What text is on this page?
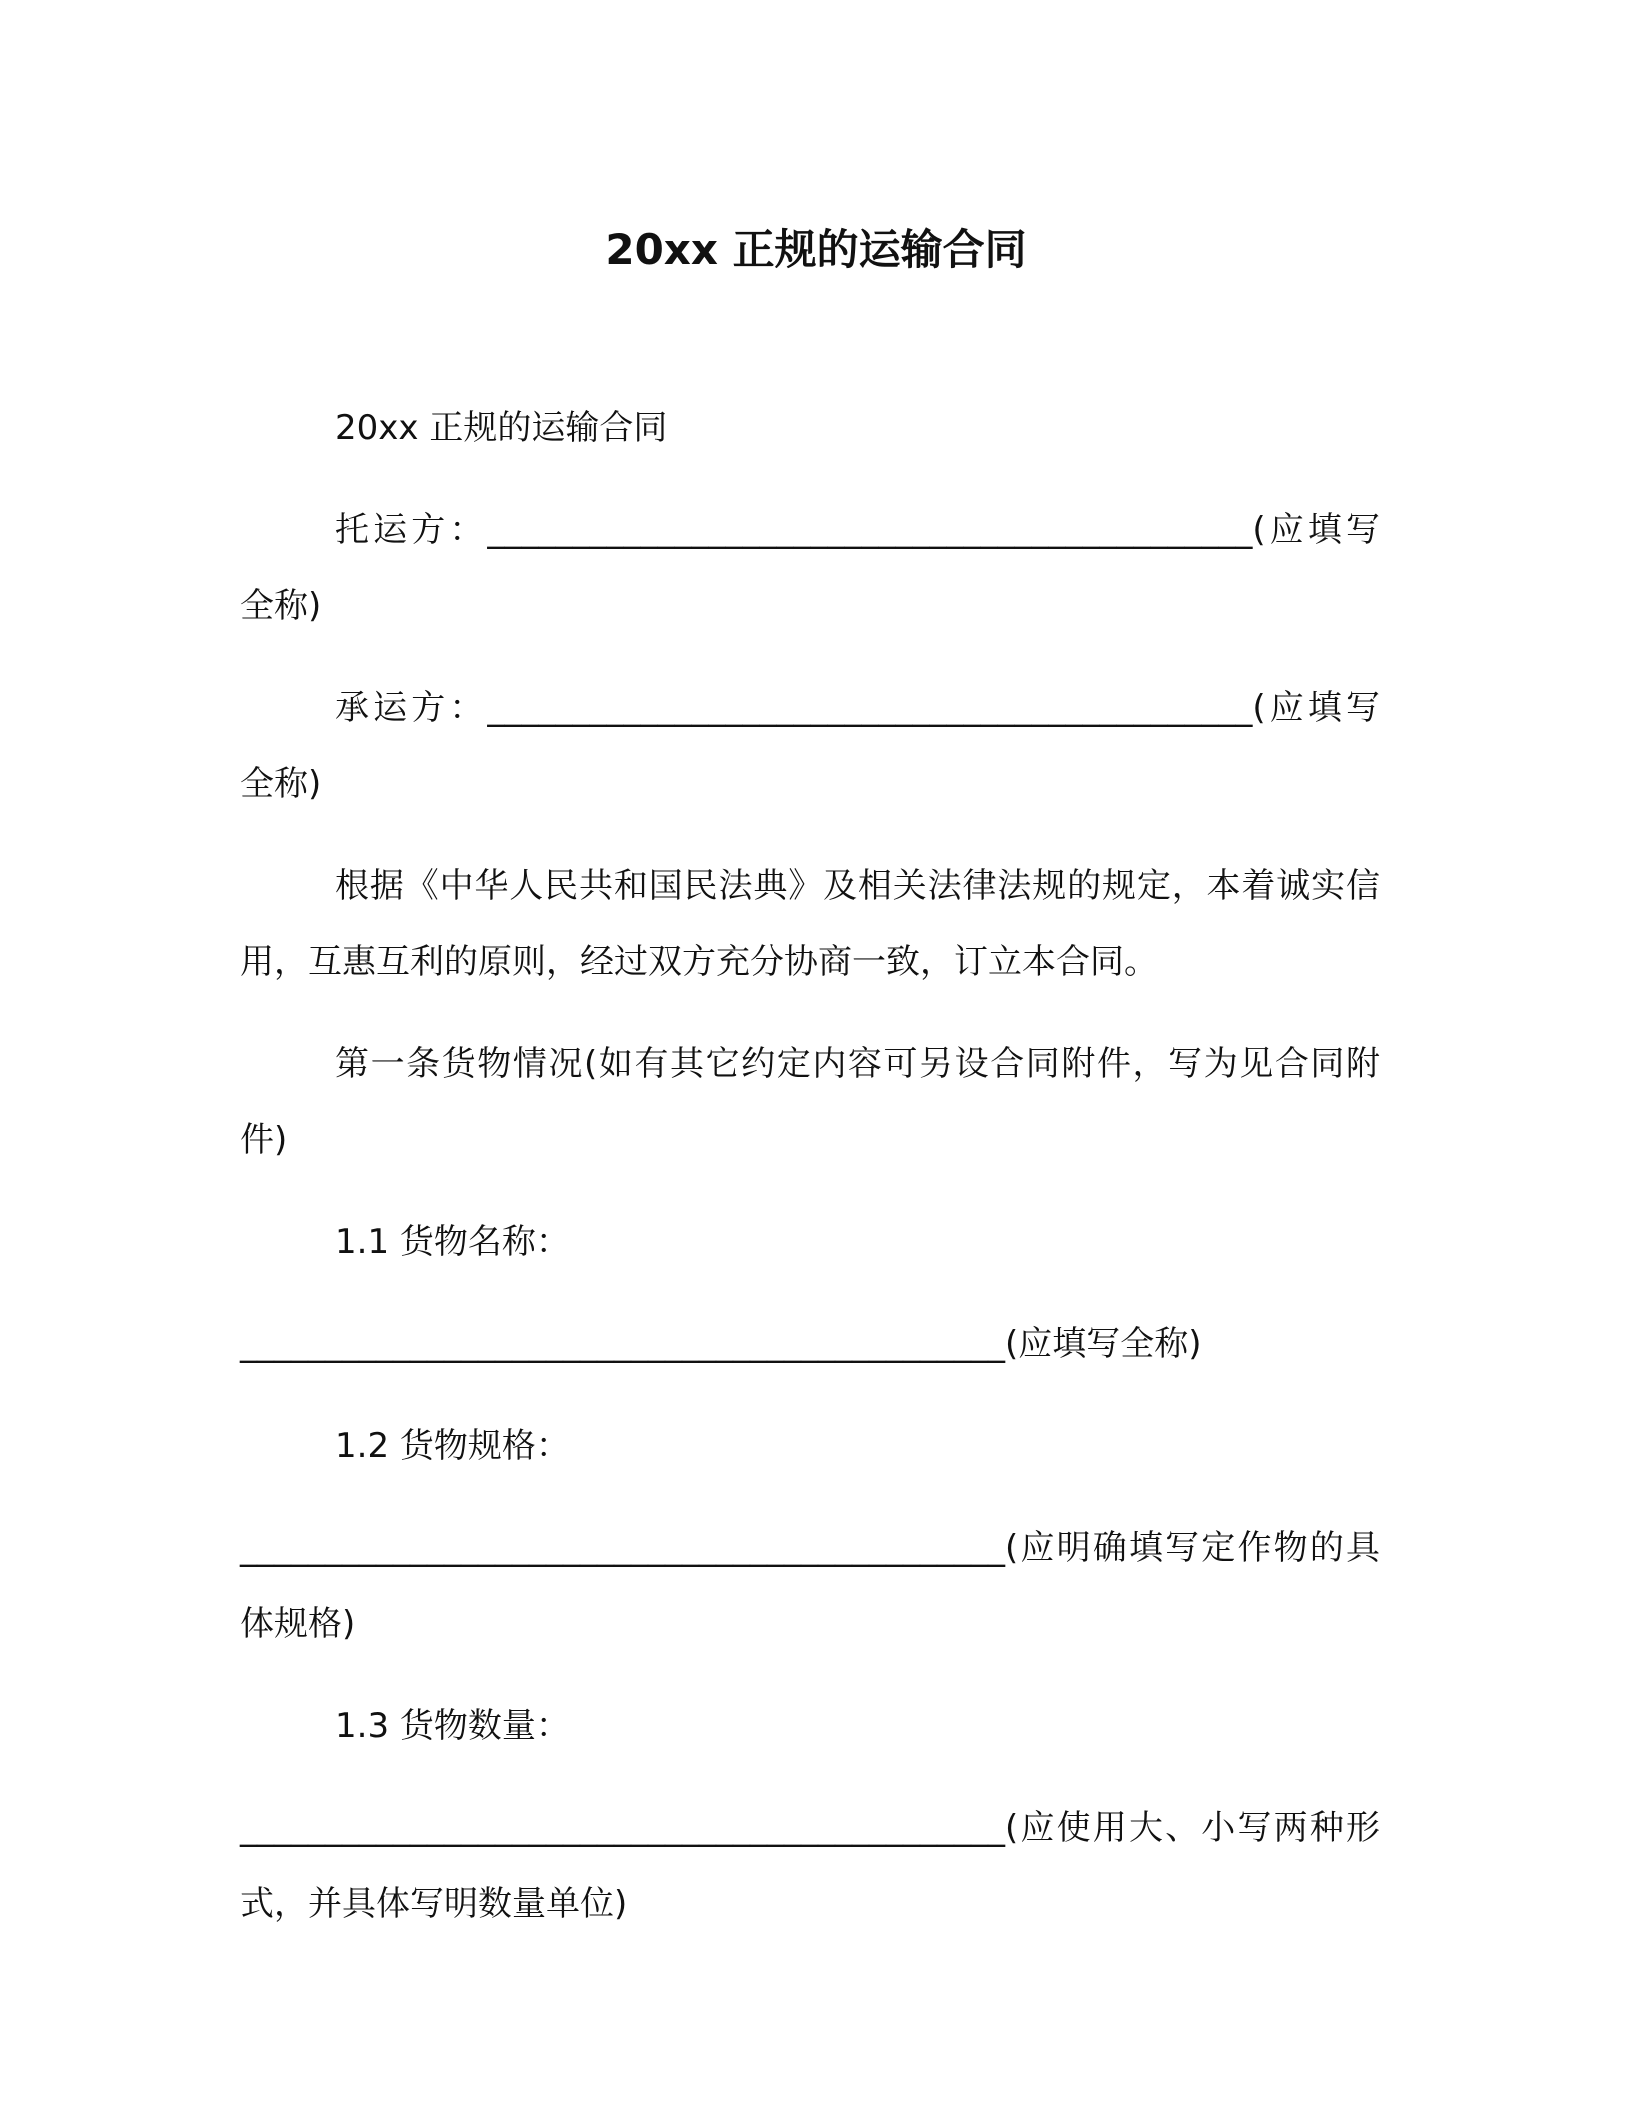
20xx 正规的运输合同

20xx 正规的运输合同

托运方：_____________________________________________(应填写全称)

承运方：_____________________________________________(应填写全称)

根据《中华人民共和国民法典》及相关法律法规的规定，本着诚实信用，互惠互利的原则，经过双方充分协商一致，订立本合同。

第一条货物情况(如有其它约定内容可另设合同附件，写为见合同附件)

1.1 货物名称：

_____________________________________________(应填写全称)

1.2 货物规格：

_____________________________________________(应明确填写定作物的具体规格)

1.3 货物数量：

_____________________________________________(应使用大、小写两种形式，并具体写明数量单位)
